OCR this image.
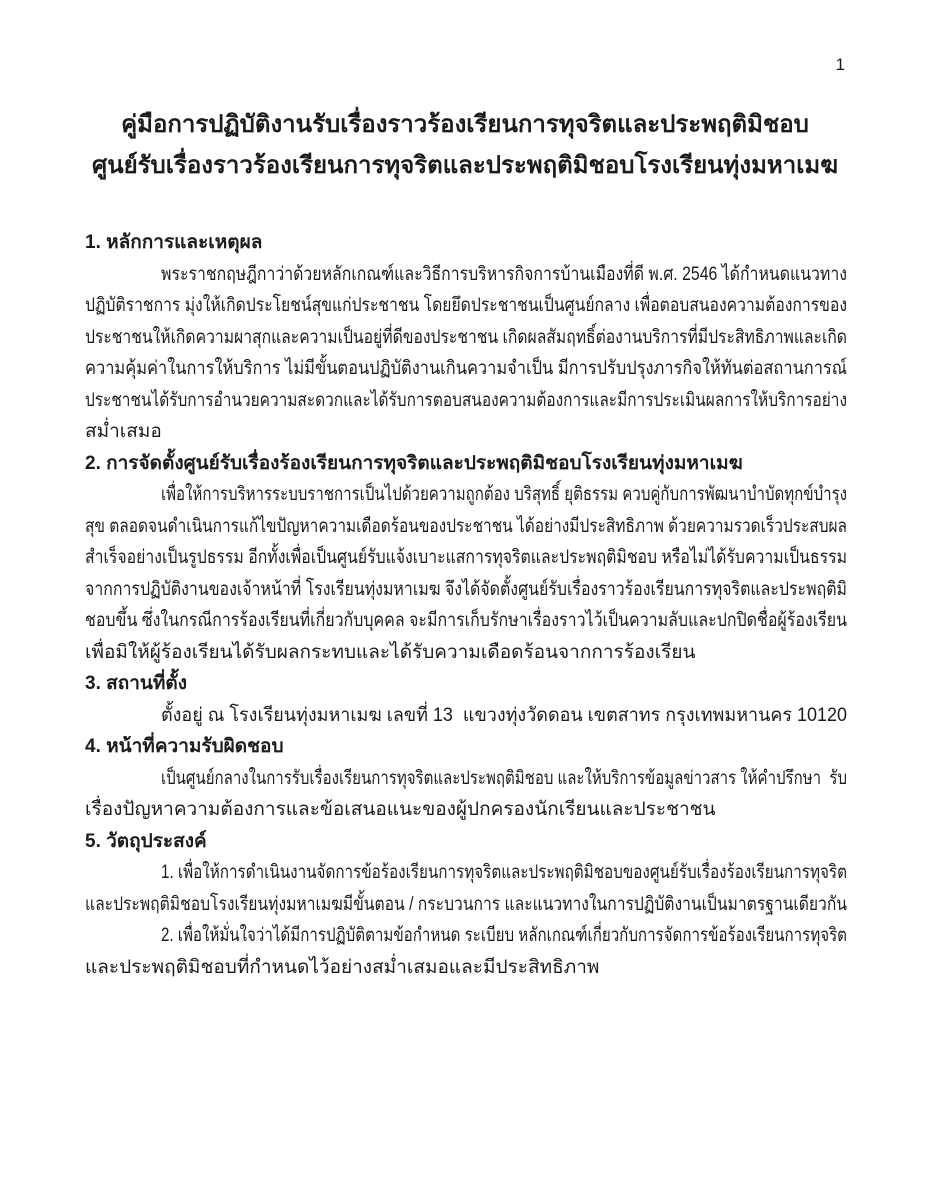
1
คู่มือการปฏิบัติงานรับเรื่องราวร้องเรียนการทุจริตและประพฤติมิชอบ
ศูนย์รับเรื่องราวร้องเรียนการทุจริตและประพฤติมิชอบโรงเรียนทุ่งมหาเมฆ
1. หลักการและเหตุผล
พระราชกฤษฎีกาว่าด้วยหลักเกณฑ์และวิธีการบริหารกิจการบ้านเมืองที่ดี พ.ศ. 2546 ได้กำหนดแนวทาง
ปฏิบัติราชการ มุ่งให้เกิดประโยชน์สุขแก่ประชาชน โดยยึดประชาชนเป็นศูนย์กลาง เพื่อตอบสนองความต้องการของ
ประชาชนให้เกิดความผาสุกและความเป็นอยู่ที่ดีของประชาชน เกิดผลสัมฤทธิ์ต่องานบริการที่มีประสิทธิภาพและเกิด
ความคุ้มค่าในการให้บริการ ไม่มีขั้นตอนปฏิบัติงานเกินความจำเป็น มีการปรับปรุงภารกิจให้ทันต่อสถานการณ์
ประชาชนได้รับการอำนวยความสะดวกและได้รับการตอบสนองความต้องการและมีการประเมินผลการให้บริการอย่าง
สม่ำเสมอ
2. การจัดตั้งศูนย์รับเรื่องร้องเรียนการทุจริตและประพฤติมิชอบโรงเรียนทุ่งมหาเมฆ
เพื่อให้การบริหารระบบราชการเป็นไปด้วยความถูกต้อง บริสุทธิ์ ยุติธรรม ควบคู่กับการพัฒนาบำบัดทุกข์บำรุง
สุข ตลอดจนดำเนินการแก้ไขปัญหาความเดือดร้อนของประชาชน ได้อย่างมีประสิทธิภาพ ด้วยความรวดเร็วประสบผล
สำเร็จอย่างเป็นรูปธรรม อีกทั้งเพื่อเป็นศูนย์รับแจ้งเบาะแสการทุจริตและประพฤติมิชอบ หรือไม่ได้รับความเป็นธรรม
จากการปฏิบัติงานของเจ้าหน้าที่ โรงเรียนทุ่งมหาเมฆ จึงได้จัดตั้งศูนย์รับเรื่องราวร้องเรียนการทุจริตและประพฤติมิ
ชอบขึ้น ซึ่งในกรณีการร้องเรียนที่เกี่ยวกับบุคคล จะมีการเก็บรักษาเรื่องราวไว้เป็นความลับและปกปิดชื่อผู้ร้องเรียน
เพื่อมิให้ผู้ร้องเรียนได้รับผลกระทบและได้รับความเดือดร้อนจากการร้องเรียน
3. สถานที่ตั้ง
ตั้งอยู่ ณ โรงเรียนทุ่งมหาเมฆ เลขที่ 13  แขวงทุ่งวัดดอน เขตสาทร กรุงเทพมหานคร 10120
4. หน้าที่ความรับผิดชอบ
เป็นศูนย์กลางในการรับเรื่องเรียนการทุจริตและประพฤติมิชอบ และให้บริการข้อมูลข่าวสาร ให้คำปรึกษา  รับ
เรื่องปัญหาความต้องการและข้อเสนอแนะของผู้ปกครองนักเรียนและประชาชน
5. วัตถุประสงค์
1. เพื่อให้การดำเนินงานจัดการข้อร้องเรียนการทุจริตและประพฤติมิชอบของศูนย์รับเรื่องร้องเรียนการทุจริต
และประพฤติมิชอบโรงเรียนทุ่งมหาเมฆมีขั้นตอน / กระบวนการ และแนวทางในการปฏิบัติงานเป็นมาตรฐานเดียวกัน
2. เพื่อให้มั่นใจว่าได้มีการปฏิบัติตามข้อกำหนด ระเบียบ หลักเกณฑ์เกี่ยวกับการจัดการข้อร้องเรียนการทุจริต
และประพฤติมิชอบที่กำหนดไว้อย่างสม่ำเสมอและมีประสิทธิภาพ
